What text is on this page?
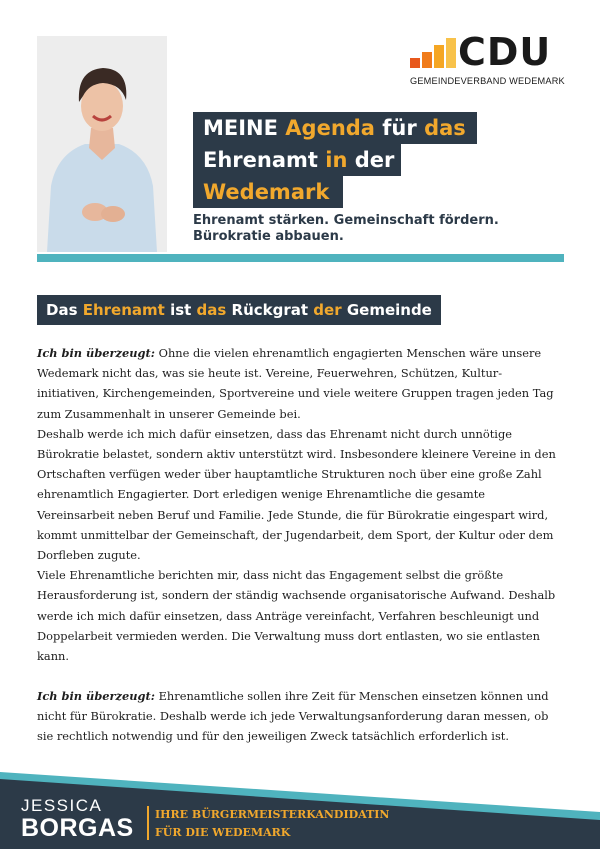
CDU
GEMEINDEVERBAND WEDEMARK
MEINE Agenda für das
Ehrenamt in der
Wedemark
Ehrenamt stärken. Gemeinschaft fördern.
Bürokratie abbauen.
Das Ehrenamt ist das Rückgrat der Gemeinde
Ich bin überzeugt: Ohne die vielen ehrenamtlich engagierten Menschen wäre unsere Wedemark nicht das, was sie heute ist. Vereine, Feuerwehren, Schützen, Kultur-initiativen, Kirchengemeinden, Sportvereine und viele weitere Gruppen tragen jeden Tag zum Zusammenhalt in unserer Gemeinde bei.
Deshalb werde ich mich dafür einsetzen, dass das Ehrenamt nicht durch unnötige Bürokratie belastet, sondern aktiv unterstützt wird. Insbesondere kleinere Vereine in den Ortschaften verfügen weder über hauptamtliche Strukturen noch über eine große Zahl ehrenamtlich Engagierter. Dort erledigen wenige Ehrenamtliche die gesamte Vereinsarbeit neben Beruf und Familie. Jede Stunde, die für Bürokratie eingespart wird, kommt unmittelbar der Gemeinschaft, der Jugendarbeit, dem Sport, der Kultur oder dem Dorfleben zugute.
Viele Ehrenamtliche berichten mir, dass nicht das Engagement selbst die größte Herausforderung ist, sondern der ständig wachsende organisatorische Aufwand. Deshalb werde ich mich dafür einsetzen, dass Anträge vereinfacht, Verfahren beschleunigt und Doppelarbeit vermieden werden. Die Verwaltung muss dort entlasten, wo sie entlasten kann.
Ich bin überzeugt: Ehrenamtliche sollen ihre Zeit für Menschen einsetzen können und nicht für Bürokratie. Deshalb werde ich jede Verwaltungsanforderung daran messen, ob sie rechtlich notwendig und für den jeweiligen Zweck tatsächlich erforderlich ist.
JESSICA
BORGAS IHRE BÜRGERMEISTERKANDIDATIN
FÜR DIE WEDEMARK
